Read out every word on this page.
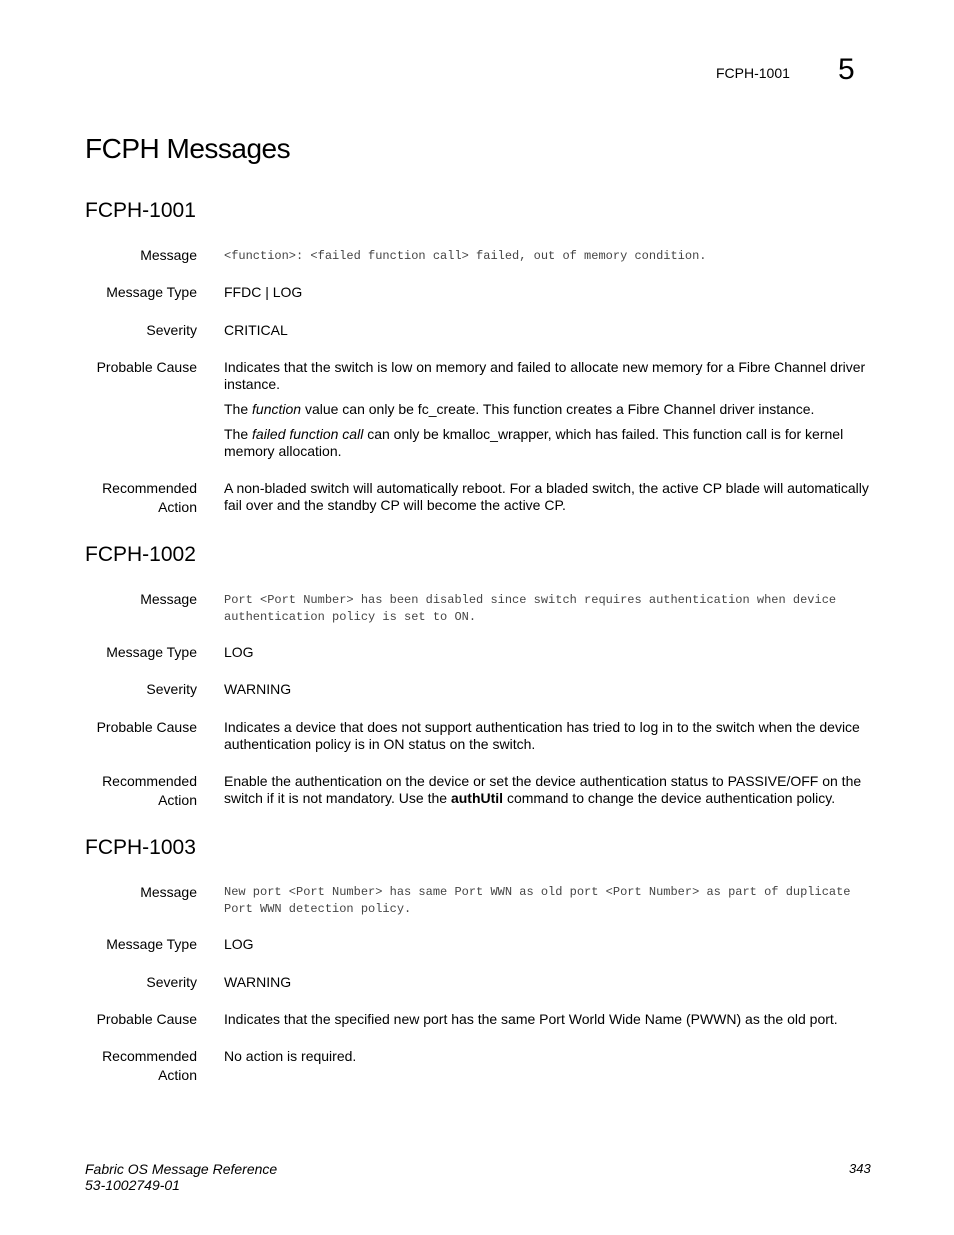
FCPH-1001 5
FCPH Messages
FCPH-1001
Message <function>: <failed function call> failed, out of memory condition.
Message Type FFDC | LOG
Severity CRITICAL
Probable Cause Indicates that the switch is low on memory and failed to allocate new memory for a Fibre Channel driver instance.

The function value can only be fc_create. This function creates a Fibre Channel driver instance.

The failed function call can only be kmalloc_wrapper, which has failed. This function call is for kernel memory allocation.

Recommended
Action
A non-bladed switch will automatically reboot. For a bladed switch, the active CP blade will automatically fail over and the standby CP will become the active CP.
FCPH-1002
Message Port <Port Number> has been disabled since switch requires authentication when device authentication policy is set to ON.
Message Type LOG
Severity WARNING
Probable Cause Indicates a device that does not support authentication has tried to log in to the switch when the device authentication policy is in ON status on the switch.
Recommended
Action
Enable the authentication on the device or set the device authentication status to PASSIVE/OFF on the switch if it is not mandatory. Use the authUtil command to change the device authentication policy.
FCPH-1003
Message New port <Port Number> has same Port WWN as old port <Port Number> as part of duplicate Port WWN detection policy.
Message Type LOG
Severity WARNING
Probable Cause Indicates that the specified new port has the same Port World Wide Name (PWWN) as the old port.
Recommended
Action
No action is required.
Fabric OS Message Reference
53-1002749-01
343
